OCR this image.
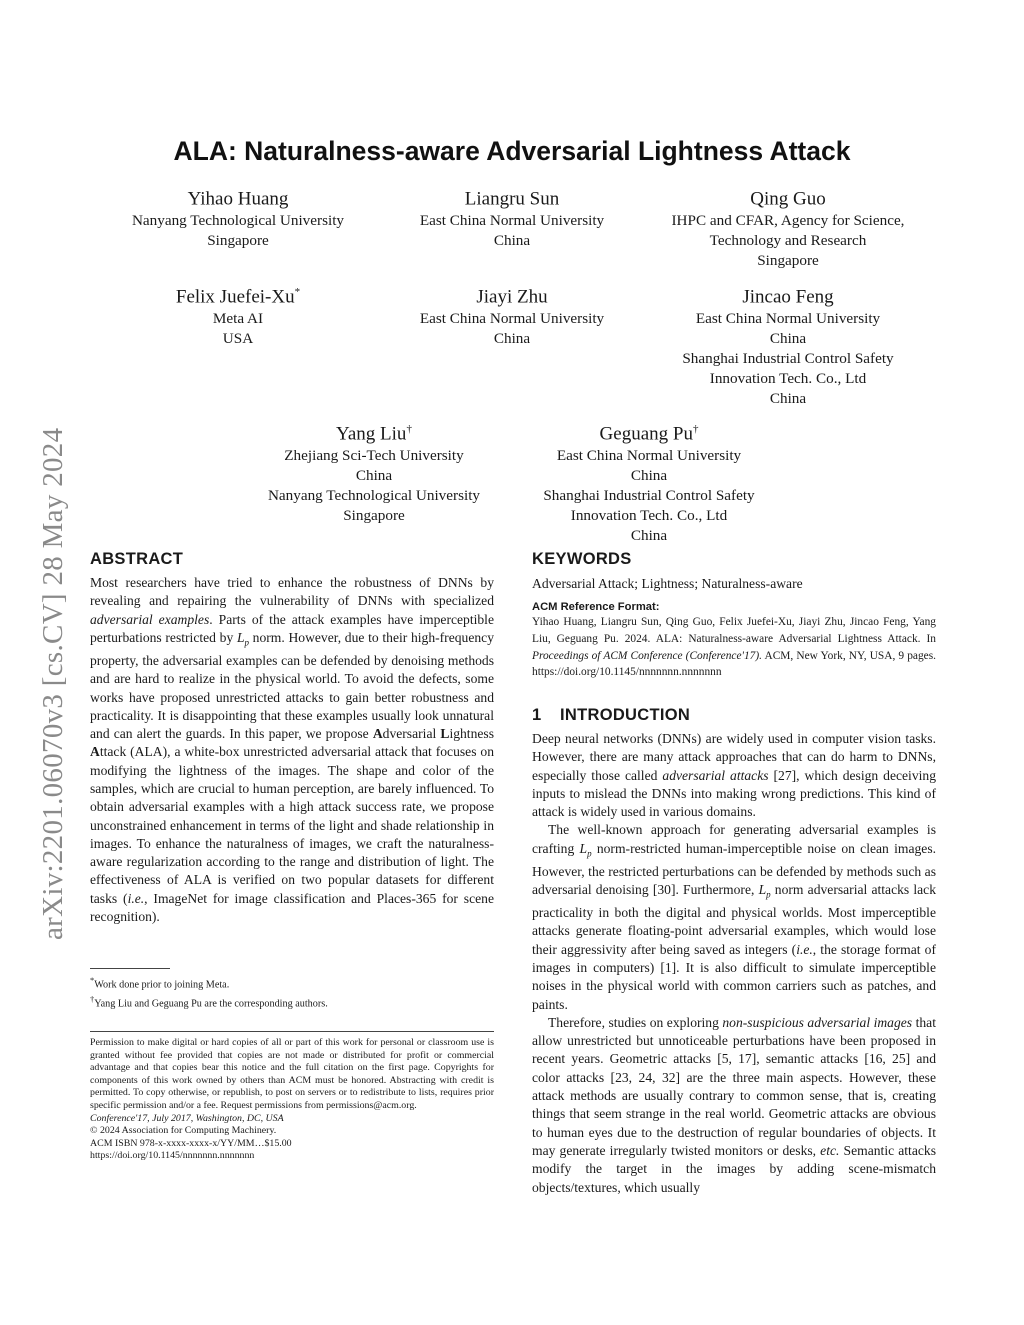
arXiv:2201.06070v3 [cs.CV] 28 May 2024
ALA: Naturalness-aware Adversarial Lightness Attack
Yihao Huang
Nanyang Technological University
Singapore
Liangru Sun
East China Normal University
China
Qing Guo
IHPC and CFAR, Agency for Science,
Technology and Research
Singapore
Felix Juefei-Xu*
Meta AI
USA
Jiayi Zhu
East China Normal University
China
Jincao Feng
East China Normal University
China
Shanghai Industrial Control Safety
Innovation Tech. Co., Ltd
China
Yang Liu†
Zhejiang Sci-Tech University
China
Nanyang Technological University
Singapore
Geguang Pu†
East China Normal University
China
Shanghai Industrial Control Safety
Innovation Tech. Co., Ltd
China
ABSTRACT
Most researchers have tried to enhance the robustness of DNNs by revealing and repairing the vulnerability of DNNs with specialized adversarial examples. Parts of the attack examples have imperceptible perturbations restricted by $L_p$ norm. However, due to their high-frequency property, the adversarial examples can be defended by denoising methods and are hard to realize in the physical world. To avoid the defects, some works have proposed unrestricted attacks to gain better robustness and practicality. It is disappointing that these examples usually look unnatural and can alert the guards. In this paper, we propose Adversarial Lightness Attack (ALA), a white-box unrestricted adversarial attack that focuses on modifying the lightness of the images. The shape and color of the samples, which are crucial to human perception, are barely influenced. To obtain adversarial examples with a high attack success rate, we propose unconstrained enhancement in terms of the light and shade relationship in images. To enhance the naturalness of images, we craft the naturalness-aware regularization according to the range and distribution of light. The effectiveness of ALA is verified on two popular datasets for different tasks (i.e., ImageNet for image classification and Places-365 for scene recognition).
*Work done prior to joining Meta.
†Yang Liu and Geguang Pu are the corresponding authors.
Permission to make digital or hard copies of all or part of this work for personal or classroom use is granted without fee provided that copies are not made or distributed for profit or commercial advantage and that copies bear this notice and the full citation on the first page. Copyrights for components of this work owned by others than ACM must be honored. Abstracting with credit is permitted. To copy otherwise, or republish, to post on servers or to redistribute to lists, requires prior specific permission and/or a fee. Request permissions from permissions@acm.org.
Conference'17, July 2017, Washington, DC, USA
© 2024 Association for Computing Machinery.
ACM ISBN 978-x-xxxx-xxxx-x/YY/MM…$15.00
https://doi.org/10.1145/nnnnnnn.nnnnnnn
KEYWORDS
Adversarial Attack; Lightness; Naturalness-aware
ACM Reference Format:
Yihao Huang, Liangru Sun, Qing Guo, Felix Juefei-Xu, Jiayi Zhu, Jincao Feng, Yang Liu, Geguang Pu. 2024. ALA: Naturalness-aware Adversarial Lightness Attack. In Proceedings of ACM Conference (Conference'17). ACM, New York, NY, USA, 9 pages. https://doi.org/10.1145/nnnnnnn.nnnnnnn
1 INTRODUCTION

Deep neural networks (DNNs) are widely used in computer vision tasks. However, there are many attack approaches that can do harm to DNNs, especially those called adversarial attacks [27], which design deceiving inputs to mislead the DNNs into making wrong predictions. This kind of attack is widely used in various domains.

The well-known approach for generating adversarial examples is crafting $L_p$ norm-restricted human-imperceptible noise on clean images. However, the restricted perturbations can be defended by methods such as adversarial denoising [30]. Furthermore, $L_p$ norm adversarial attacks lack practicality in both the digital and physical worlds. Most imperceptible attacks generate floating-point adversarial examples, which would lose their aggressivity after being saved as integers (i.e., the storage format of images in computers) [1]. It is also difficult to simulate imperceptible noises in the physical world with common carriers such as patches, and paints.

Therefore, studies on exploring non-suspicious adversarial images that allow unrestricted but unnoticeable perturbations have been proposed in recent years. Geometric attacks [5, 17], semantic attacks [16, 25] and color attacks [23, 24, 32] are the three main aspects. However, these attack methods are usually contrary to common sense, that is, creating things that seem strange in the real world. Geometric attacks are obvious to human eyes due to the destruction of regular boundaries of objects. It may generate irregularly twisted monitors or desks, etc. Semantic attacks modify the target in the images by adding scene-mismatch objects/textures, which usually
